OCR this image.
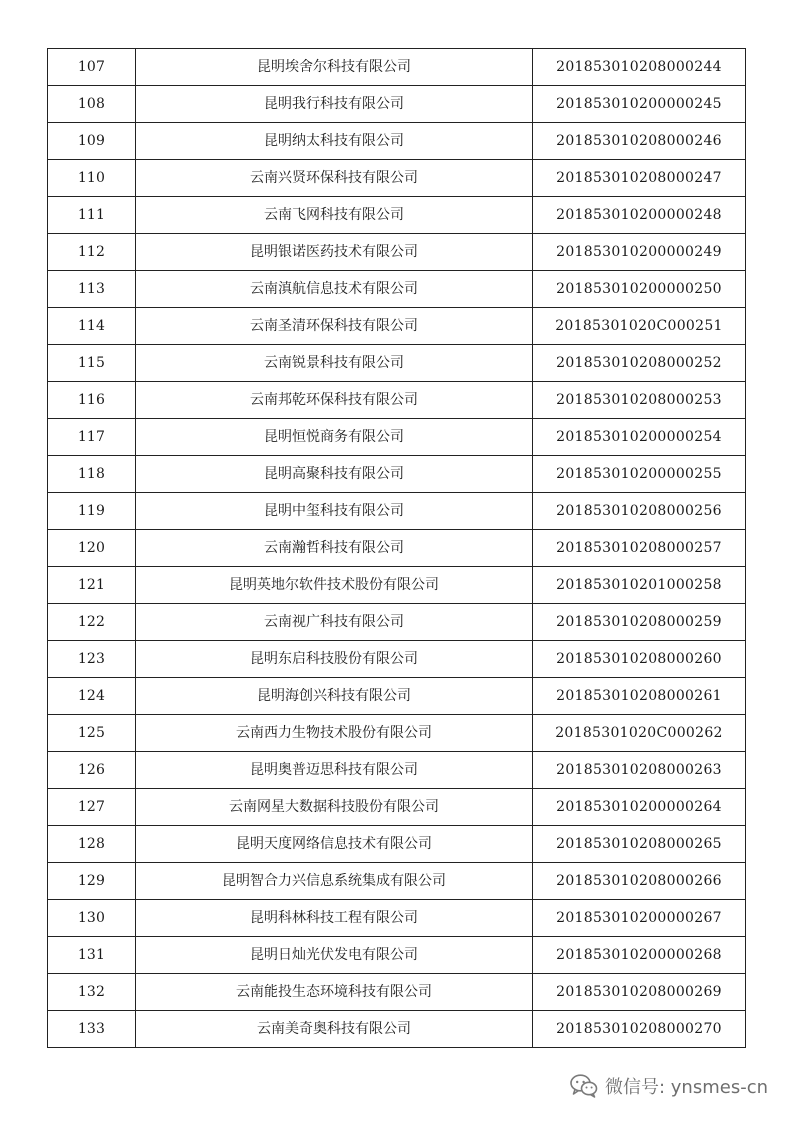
107	昆明埃舍尔科技有限公司	201853010208000244
108	昆明我行科技有限公司	201853010200000245
109	昆明纳太科技有限公司	201853010208000246
110	云南兴贤环保科技有限公司	201853010208000247
111	云南飞网科技有限公司	201853010200000248
112	昆明银诺医药技术有限公司	201853010200000249
113	云南滇航信息技术有限公司	201853010200000250
114	云南圣清环保科技有限公司	20185301020C000251
115	云南锐景科技有限公司	201853010208000252
116	云南邦乾环保科技有限公司	201853010208000253
117	昆明恒悦商务有限公司	201853010200000254
118	昆明高聚科技有限公司	201853010200000255
119	昆明中玺科技有限公司	201853010208000256
120	云南瀚哲科技有限公司	201853010208000257
121	昆明英地尔软件技术股份有限公司	201853010201000258
122	云南视广科技有限公司	201853010208000259
123	昆明东启科技股份有限公司	201853010208000260
124	昆明海创兴科技有限公司	201853010208000261
125	云南西力生物技术股份有限公司	20185301020C000262
126	昆明奥普迈思科技有限公司	201853010208000263
127	云南网星大数据科技股份有限公司	201853010200000264
128	昆明天度网络信息技术有限公司	201853010208000265
129	昆明智合力兴信息系统集成有限公司	201853010208000266
130	昆明科林科技工程有限公司	201853010200000267
131	昆明日灿光伏发电有限公司	201853010200000268
132	云南能投生态环境科技有限公司	201853010208000269
133	云南美奇奥科技有限公司	201853010208000270
微信号: ynsmes-cn
